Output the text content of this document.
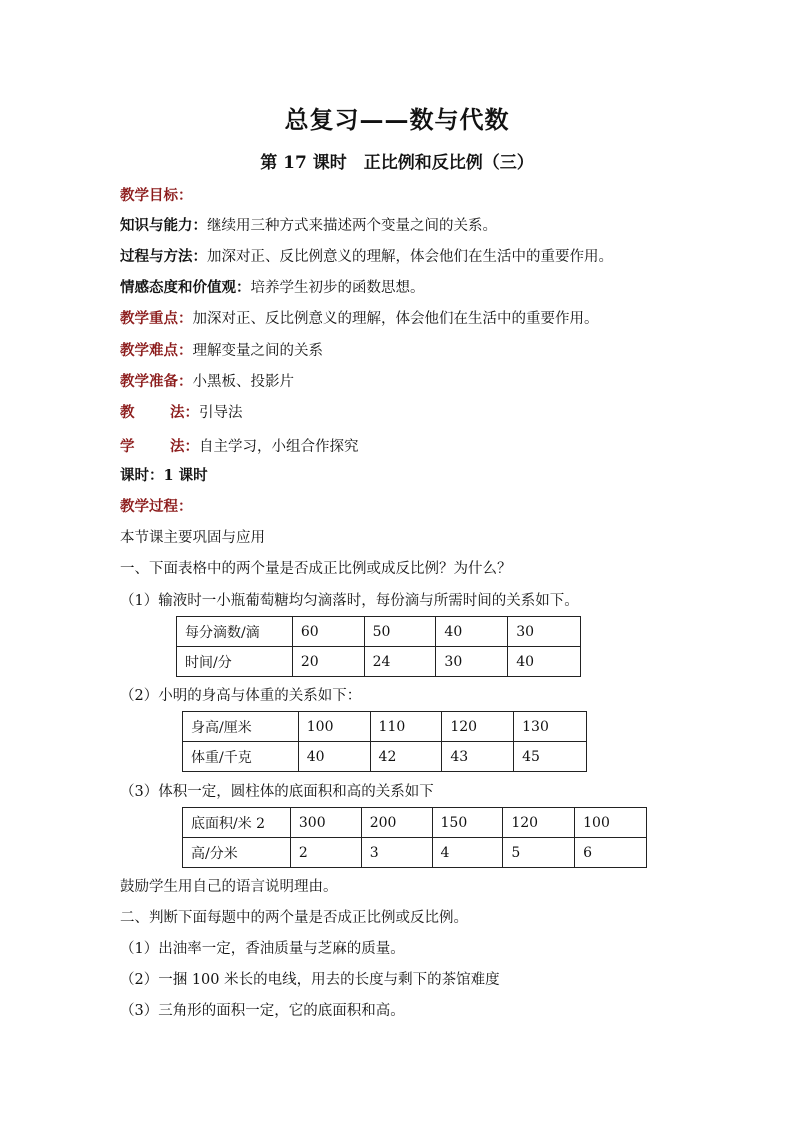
总复习——数与代数
第 17 课时　正比例和反比例（三）
教学目标：
知识与能力：继续用三种方式来描述两个变量之间的关系。
过程与方法：加深对正、反比例意义的理解，体会他们在生活中的重要作用。
情感态度和价值观：培养学生初步的函数思想。
教学重点：加深对正、反比例意义的理解，体会他们在生活中的重要作用。
教学难点：理解变量之间的关系
教学准备：小黑板、投影片
教 法：引导法
学 法：自主学习，小组合作探究
课时：1 课时
教学过程：
本节课主要巩固与应用
一、下面表格中的两个量是否成正比例或成反比例？为什么？
（1）输液时一小瓶葡萄糖均匀滴落时，每份滴与所需时间的关系如下。
每分滴数/滴	60	50	40	30
时间/分	20	24	30	40
（2）小明的身高与体重的关系如下：
身高/厘米	100	110	120	130
体重/千克	40	42	43	45
（3）体积一定，圆柱体的底面积和高的关系如下
底面积/米 2	300	200	150	120	100
高/分米	2	3	4	5	6
鼓励学生用自己的语言说明理由。
二、判断下面每题中的两个量是否成正比例或反比例。
（1）出油率一定，香油质量与芝麻的质量。
（2）一捆 100 米长的电线，用去的长度与剩下的茶馆难度
（3）三角形的面积一定，它的底面积和高。
